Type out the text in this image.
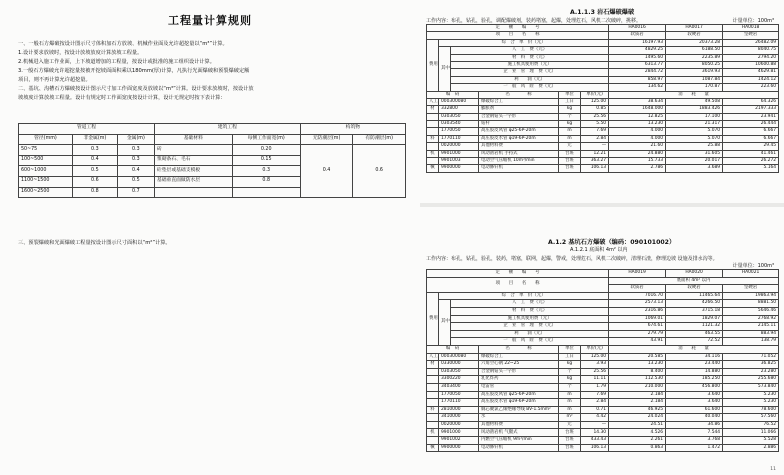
工程量计算规则
一、一般石方爆破按设计图示尺寸体积加石方放坡、机械作业面及允许超挖量以“m³”计算。
1.设计要求放坡时，按设计放坡放度计算放坡工程量。
2.机械进入施工作业面，上下坡道增加的工程量，按设计或批准的施工组织设计计算。
3.一般石方爆破允许超挖量按被开挖坡面面积乘以180mm(厚)计算，凡执行光面爆破和预裂爆破定额
项目，则不再计算允许超挖量。
二、基坑、沟槽石方爆破按设计图示尺寸加工作面宽度及放坡以“m³”计算。设计要求放坡时，按设计放
坡坡度计算放坡工程量。设计有规定时工作面宽度按设计计算，设计无规定时按下表计算：
管道工程			建筑工程		构筑物	
管径(mm)	非金属(m)	金属(m)	基础材料	每侧工作面宽(m)	无防潮层(m)	有防潮层(m)
50~75	0.3	0.3	砖	0.20	0.4	0.6
100~500	0.4	0.3	浆砌条石、毛石	0.15		
600~1000	0.5	0.4	砼垫层或基础支模板	0.3		
1100~1500	0.6	0.5	基础垂直面做防水层	0.8		
1600~2500	0.8	0.7				
三、预裂爆破和光面爆破工程量按设计图示尺寸面积以“m²”计算。
A.1.1.3 岩石爆破爆破
工作内容：布孔，钻孔，验孔，调配爆破剂，装药堵塞，起爆，处理危石，风机二次破碎，挑移。	计量单位：100m³
定　　额　　编　　号						HA0016	HA0017	HA0018
项　　目　　名　　称						软质岩	较硬岩	坚硬岩
费用	综　合　单　价（元）					16197.93	20373.28	26482.09
	其中	人　工　费（元）				4829.25	6188.50	8040.75
		材　料　费（元）				1495.60	2235.89	2794.20
		施工机具使用费（元）				6313.77	8050.25	10600.88
		企　业　管　理　费（元）				2844.72	3619.93	4629.81
		利　　润（元）				858.97	1087.84	1424.12
		一　般　风　险　费（元）				134.62	170.87	223.60
编　码			名　　　　称	单位	单价(元)	消　　耗　　量		
人工	000300080		爆破综合工	工日	125.00	38.634	49.508	64.326
材	332800		膨胀剂	kg	0.85	1648.000	1883.426	2197.333
	0303050		合金钢钻头一字形	个	25.56	12.825	17.100	23.941
	0303540		钻杆	kg	5.50	13.230	21.317	26.444
	1770050		高压胶皮风管 φ25-6P-20m	m	7.69	4.000	5.070	6.667
料	1770110		高压胶皮水管 φ19-6P-20m	m	2.84	4.000	5.070	6.667
	0020000		其他材料费	元	—	21.60	25.88	29.45
机	9901000		风动凿岩机 手持式	台班	12.21	24.880	31.605	41.461
	9901003		电动空气压缩机 10m³/min	台班	363.27	15.733	20.017	26.272
械	9900000		电动修钎机	台班	106.13	2.786	3.689	5.164
A.1.2 基坑石方爆破（编码：090101002）
A.1.2.1 底面积 4m² 以内
工作内容：布孔，钻孔，验孔，装药，堵塞，联网，起爆，警戒，处理危石，风机二次破碎，清理石渣，修理边坡 设施及排水沟等。
计量单位：100m³
定　　额　　编　　号						HA0019	HA0020	HA0021
项　　目　　名　　称						底面积 4m² 以内		
						软质岩	较硬岩	坚硬岩
费用	综　合　单　价（元）					7016.70	11465.64	19863.94
	其中	人　工　费（元）				2573.13	4266.50	8881.50
		材　料　费（元）				2316.86	3715.18	5646.46
		施工机具使用费（元）				1069.01	1829.07	2768.92
		企　业　管　理　费（元）				674.61	1121.32	2145.11
		利　　润（元）				279.79	463.55	883.94
		一　般　风　险　费（元）				43.91	72.52	138.79
编　码			名　　　　称	单位	单价(元)	消　　耗　　量		
人工	000300080		爆破综合工	工日	125.00	20.585	34.116	71.052
材	0330000		六角空心钢 22~25	kg	3.93	13.230	23.440	36.825
	0303050		合金钢钻头一字形	个	25.56	8.400	14.880	23.280
	3300220		乳化炸药	kg	11.11	112.530	185.250	255.680
	3403400		电雷管	个	1.79	210.000	456.800	573.840
	1770050		高压胶皮风管 φ25-6P-20m	m	7.69	2.184	3.640	5.230
	1770110		高压胶皮水管 φ19-6P-20m	m	2.84	2.184	3.640	5.230
料	2810000		铜芯聚氯乙烯绝缘导线 BV-1.5mm²	m	0.71	46.925	61.600	78.600
	3410000		水	m³	4.42	24.024	40.040	57.560
	0020000		其他材料费	元	—	24.51	34.86	76.52
机	9901000		风动凿岩机 气腿式	台班	14.30	4.526	7.544	11.066
	9901002		内燃空气压缩机 9m³/min	台班	433.43	2.261	3.768	5.528
械	9900000		电动修钎机	台班	106.13	0.863	1.472	2.886
11
